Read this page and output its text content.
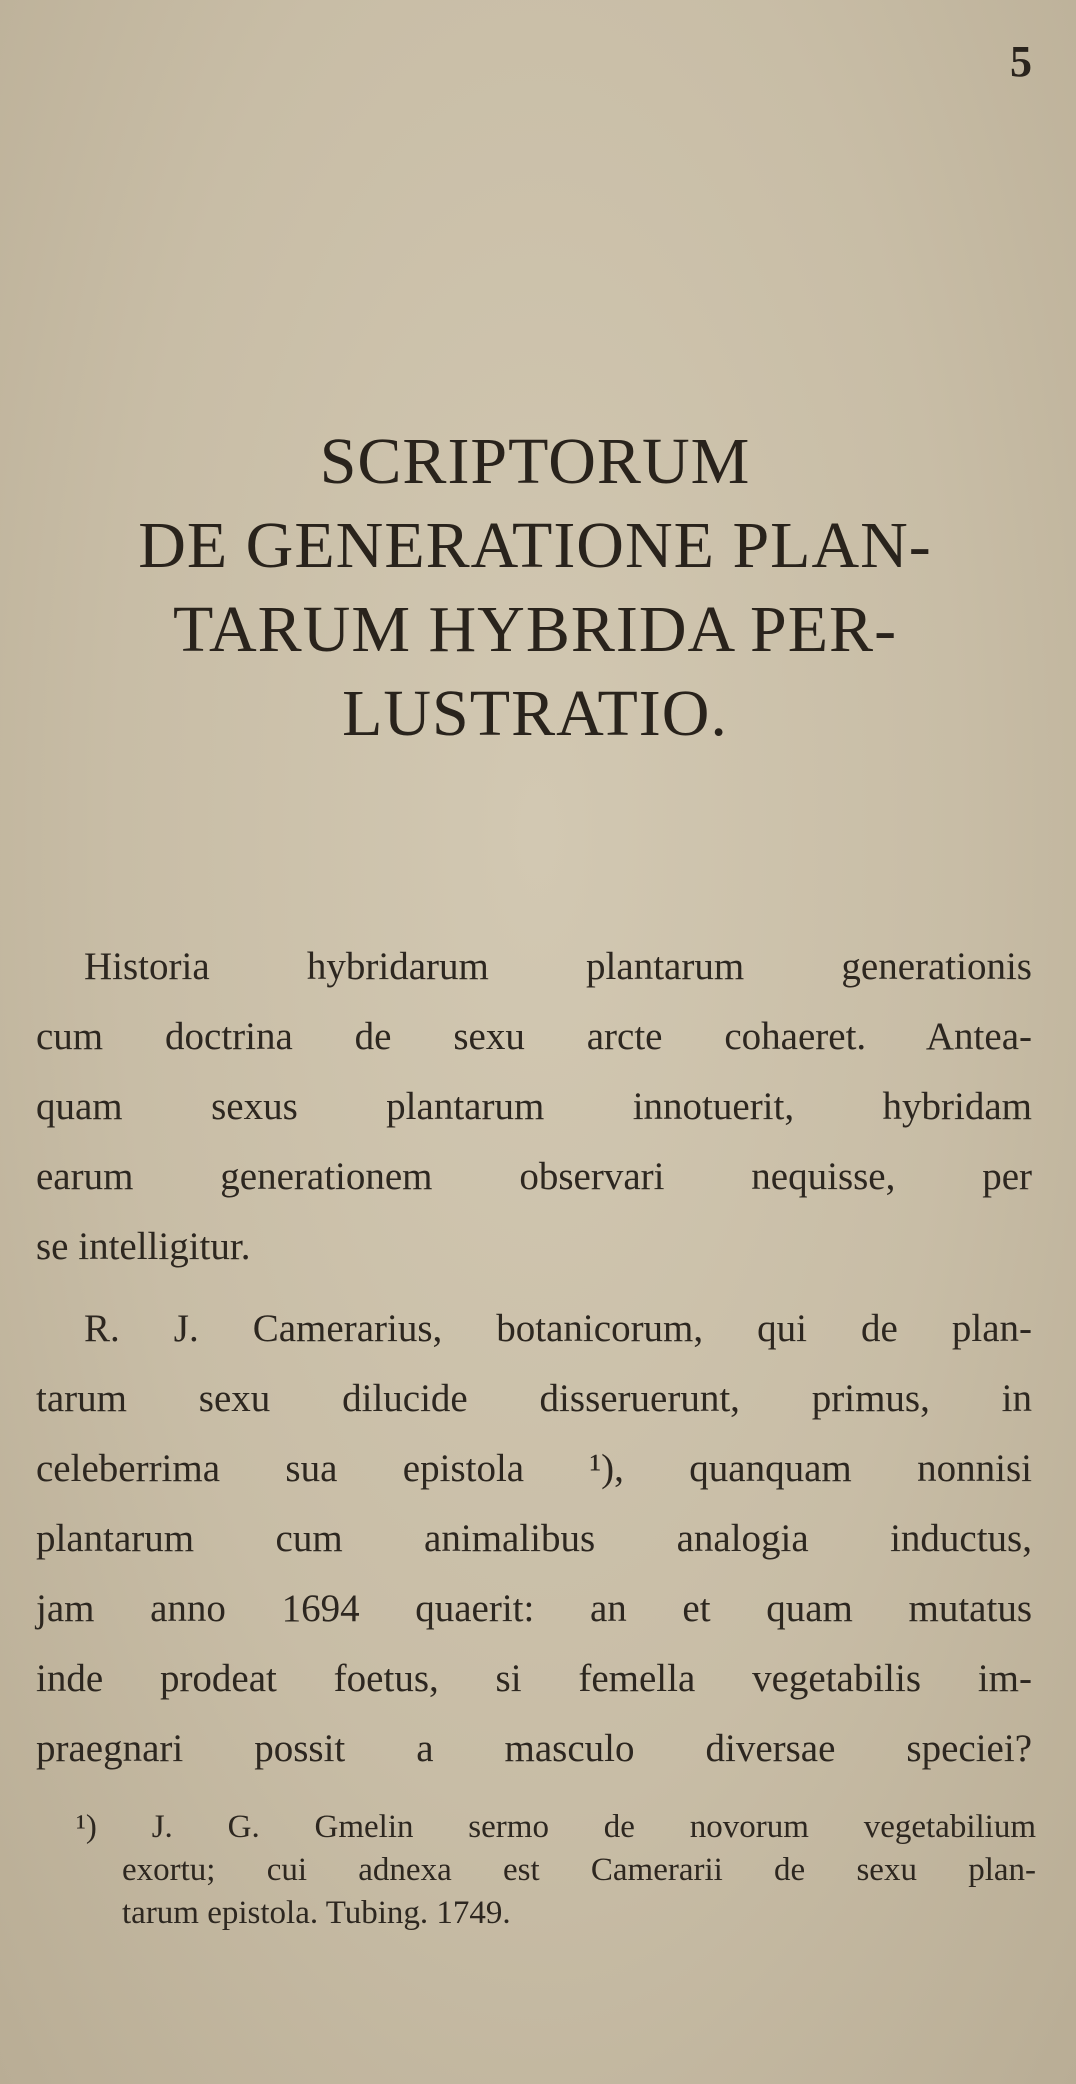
5
SCRIPTORUM
DE GENERATIONE PLAN-
TARUM HYBRIDA PER-
LUSTRATIO.

Historia hybridarum plantarum generationis
cum doctrina de sexu arcte cohaeret. Antea-
quam sexus plantarum innotuerit, hybridam
earum generationem observari nequisse, per
se intelligitur.

R. J. Camerarius, botanicorum, qui de plan-
tarum sexu dilucide disseruerunt, primus, in
celeberrima sua epistola ¹), quanquam nonnisi
plantarum cum animalibus analogia inductus,
jam anno 1694 quaerit: an et quam mutatus
inde prodeat foetus, si femella vegetabilis im-
praegnari possit a masculo diversae speciei?

¹) J. G. Gmelin sermo de novorum vegetabilium
exortu; cui adnexa est Camerarii de sexu plan-
tarum epistola. Tubing. 1749.
